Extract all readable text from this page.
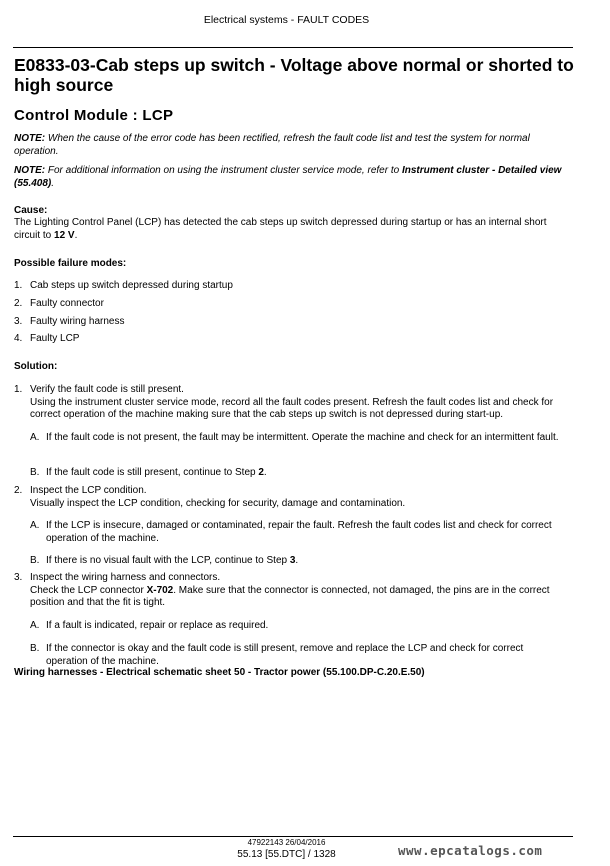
Electrical systems - FAULT CODES
E0833-03-Cab steps up switch - Voltage above normal or shorted to high source
Control Module : LCP
NOTE: When the cause of the error code has been rectified, refresh the fault code list and test the system for normal operation.
NOTE: For additional information on using the instrument cluster service mode, refer to Instrument cluster - Detailed view (55.408).
Cause:
The Lighting Control Panel (LCP) has detected the cab steps up switch depressed during startup or has an internal short circuit to 12 V.
Possible failure modes:
1. Cab steps up switch depressed during startup
2. Faulty connector
3. Faulty wiring harness
4. Faulty LCP
Solution:
1. Verify the fault code is still present.
Using the instrument cluster service mode, record all the fault codes present. Refresh the fault codes list and check for correct operation of the machine making sure that the cab steps up switch is not depressed during start-up.
A. If the fault code is not present, the fault may be intermittent. Operate the machine and check for an intermittent fault.
B. If the fault code is still present, continue to Step 2.
2. Inspect the LCP condition.
Visually inspect the LCP condition, checking for security, damage and contamination.
A. If the LCP is insecure, damaged or contaminated, repair the fault. Refresh the fault codes list and check for correct operation of the machine.
B. If there is no visual fault with the LCP, continue to Step 3.
3. Inspect the wiring harness and connectors.
Check the LCP connector X-702. Make sure that the connector is connected, not damaged, the pins are in the correct position and that the fit is tight.
A. If a fault is indicated, repair or replace as required.
B. If the connector is okay and the fault code is still present, remove and replace the LCP and check for correct operation of the machine.
Wiring harnesses - Electrical schematic sheet 50 - Tractor power (55.100.DP-C.20.E.50)
47922143 26/04/2016
55.13 [55.DTC] / 1328	www.epcatalogs.com
